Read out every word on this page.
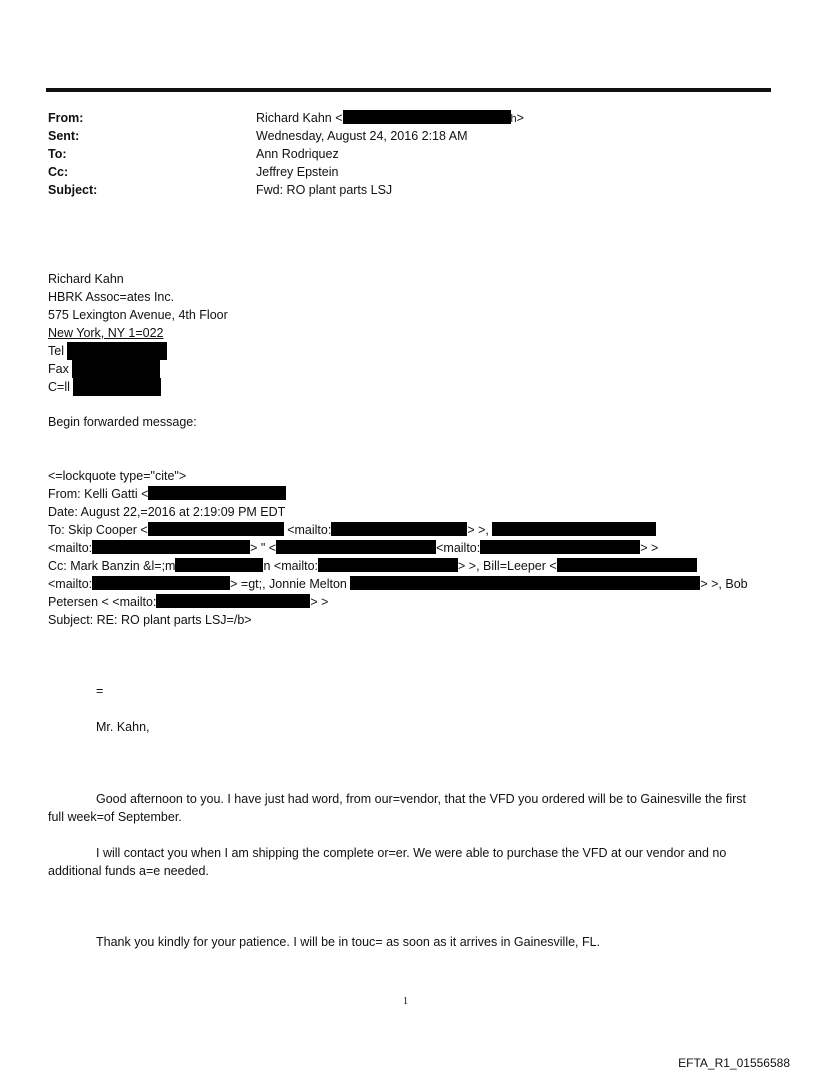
From:	Richard Kahn <	h>
Sent:	Wednesday, August 24, 2016 2:18 AM
To:	Ann Rodriquez
Cc:	Jeffrey Epstein
Subject:	Fwd: RO plant parts LSJ
Richard Kahn
HBRK Assoc=ates Inc.
575 Lexington Avenue, 4th Floor
New York, NY 1=022
Tel

Fax

C=ll

Begin forwarded message:
<=lockquote type="cite">
From: Kelli Gatti <
Date: August 22,=2016 at 2:19:09 PM EDT
To: Skip Cooper <	<mailto:	> >,
<mailto:	> " <	<mailto:	> >
Cc: Mark Banzin &l=;m	n <mailto:	> >, Bill=Leeper <
<mailto:	> =gt;, Jonnie Melton	> >, Bob
Petersen < <mailto:	> >
Subject: RE: RO plant parts LSJ=/b>
=
Mr. Kahn,
Good afternoon to you. I have just had word, from our=vendor, that the VFD you ordered will be to Gainesville the first full week=of September.
I will contact you when I am shipping the complete or=er. We were able to purchase the VFD at our vendor and no additional funds a=e needed.
Thank you kindly for your patience. I will be in touc= as soon as it arrives in Gainesville, FL.
1
EFTA_R1_01556588
